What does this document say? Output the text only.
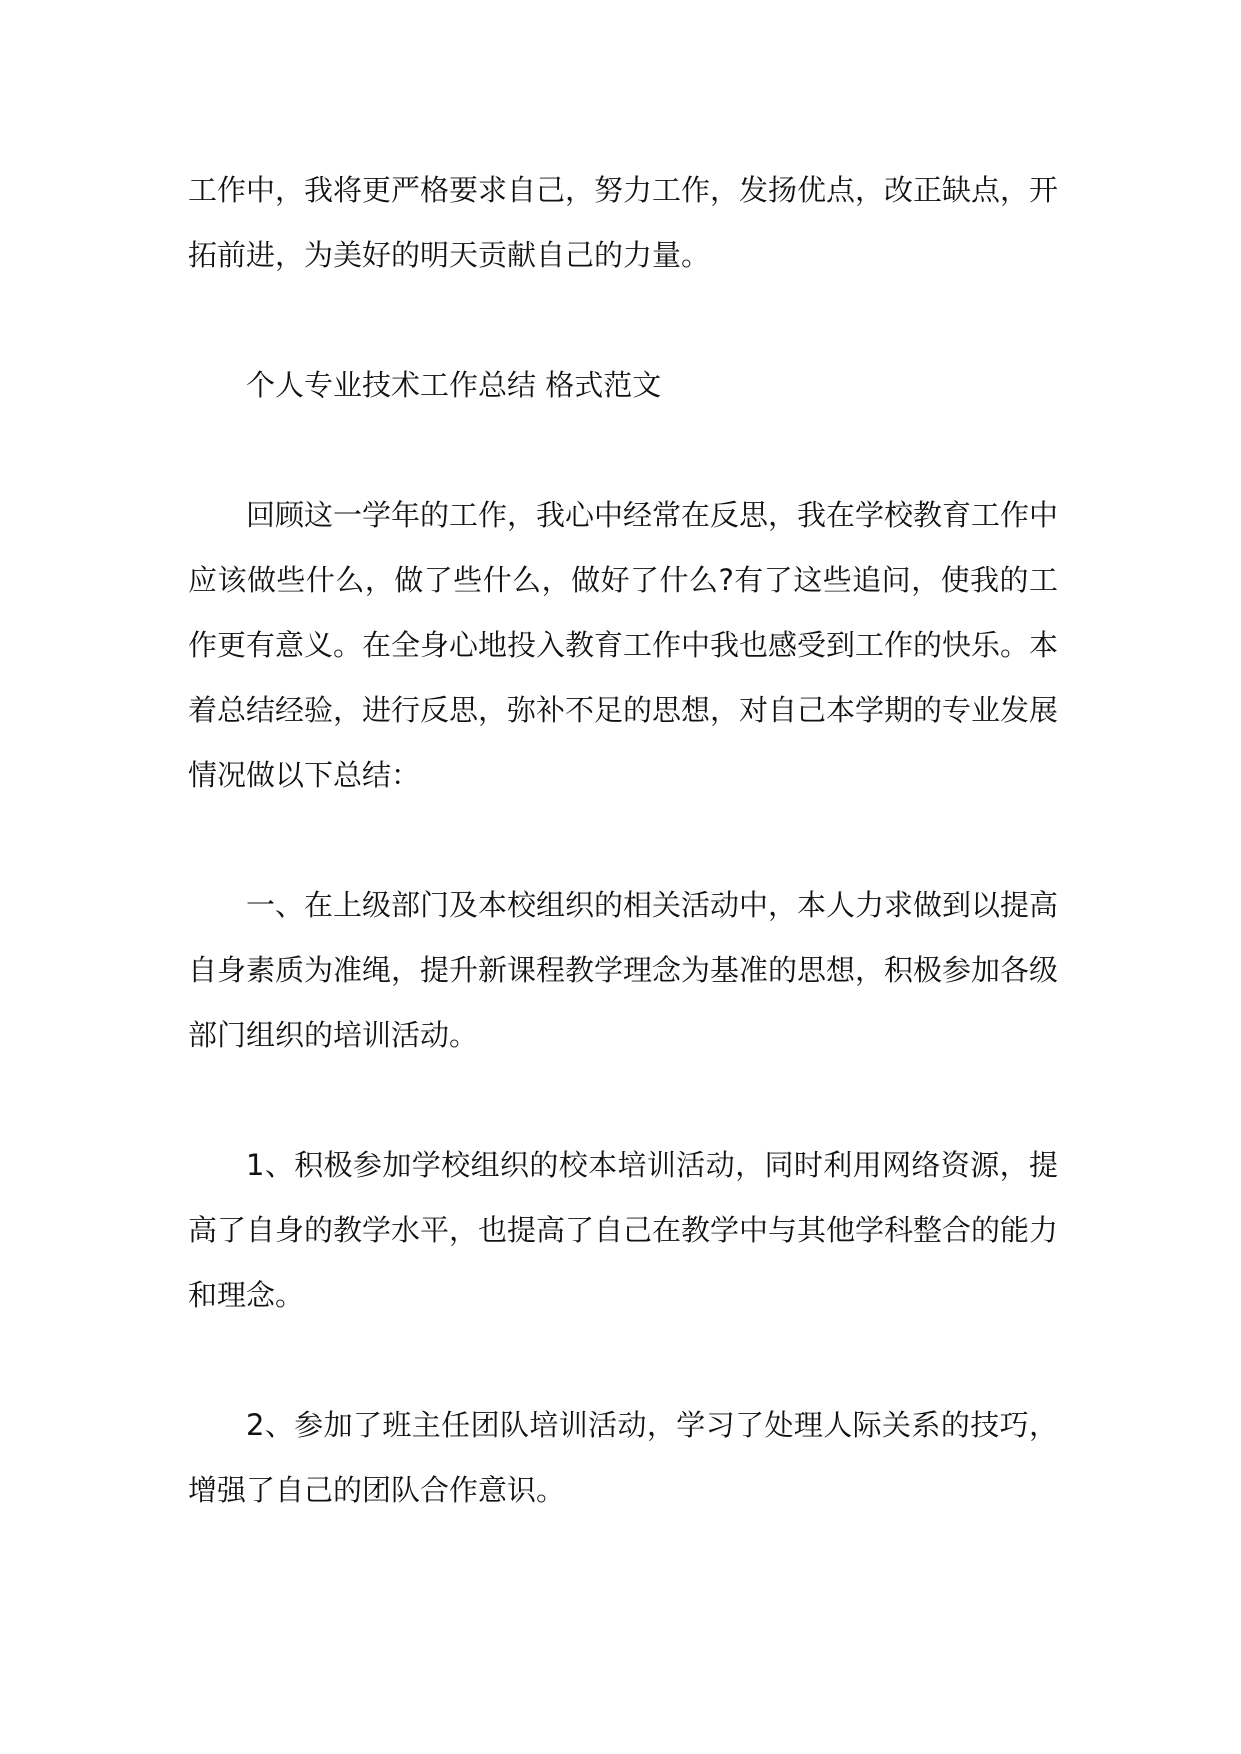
工作中，我将更严格要求自己，努力工作，发扬优点，改正缺点，开拓前进，为美好的明天贡献自己的力量。

个人专业技术工作总结 格式范文

回顾这一学年的工作，我心中经常在反思，我在学校教育工作中应该做些什么，做了些什么，做好了什么?有了这些追问，使我的工作更有意义。在全身心地投入教育工作中我也感受到工作的快乐。本着总结经验，进行反思，弥补不足的思想，对自己本学期的专业发展情况做以下总结：

一、在上级部门及本校组织的相关活动中，本人力求做到以提高自身素质为准绳，提升新课程教学理念为基准的思想，积极参加各级部门组织的培训活动。

1、积极参加学校组织的校本培训活动，同时利用网络资源，提高了自身的教学水平，也提高了自己在教学中与其他学科整合的能力和理念。

2、参加了班主任团队培训活动，学习了处理人际关系的技巧，增强了自己的团队合作意识。
